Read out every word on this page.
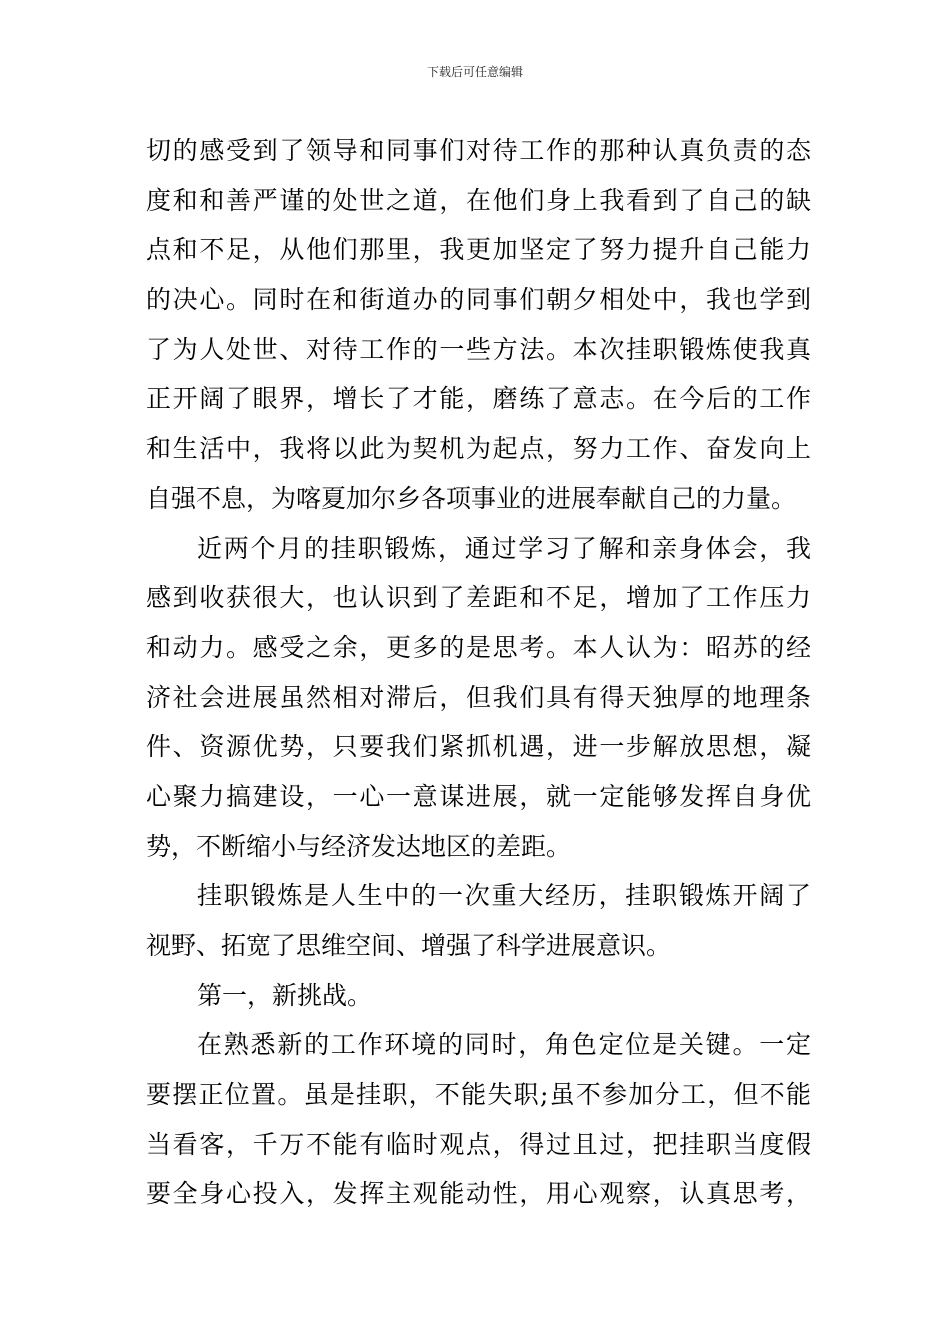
下载后可任意编辑
切的感受到了领导和同事们对待工作的那种认真负责的态
度和和善严谨的处世之道，在他们身上我看到了自己的缺
点和不足，从他们那里，我更加坚定了努力提升自己能力
的决心。同时在和街道办的同事们朝夕相处中，我也学到
了为人处世、对待工作的一些方法。本次挂职锻炼使我真
正开阔了眼界，增长了才能，磨练了意志。在今后的工作
和生活中，我将以此为契机为起点，努力工作、奋发向上
自强不息，为喀夏加尔乡各项事业的进展奉献自己的力量。
近两个月的挂职锻炼，通过学习了解和亲身体会，我
感到收获很大，也认识到了差距和不足，增加了工作压力
和动力。感受之余，更多的是思考。本人认为：昭苏的经
济社会进展虽然相对滞后，但我们具有得天独厚的地理条
件、资源优势，只要我们紧抓机遇，进一步解放思想，凝
心聚力搞建设，一心一意谋进展，就一定能够发挥自身优
势，不断缩小与经济发达地区的差距。
挂职锻炼是人生中的一次重大经历，挂职锻炼开阔了
视野、拓宽了思维空间、增强了科学进展意识。
第一，新挑战。
在熟悉新的工作环境的同时，角色定位是关键。一定
要摆正位置。虽是挂职，不能失职;虽不参加分工，但不能
当看客，千万不能有临时观点，得过且过，把挂职当度假
要全身心投入，发挥主观能动性，用心观察，认真思考，
